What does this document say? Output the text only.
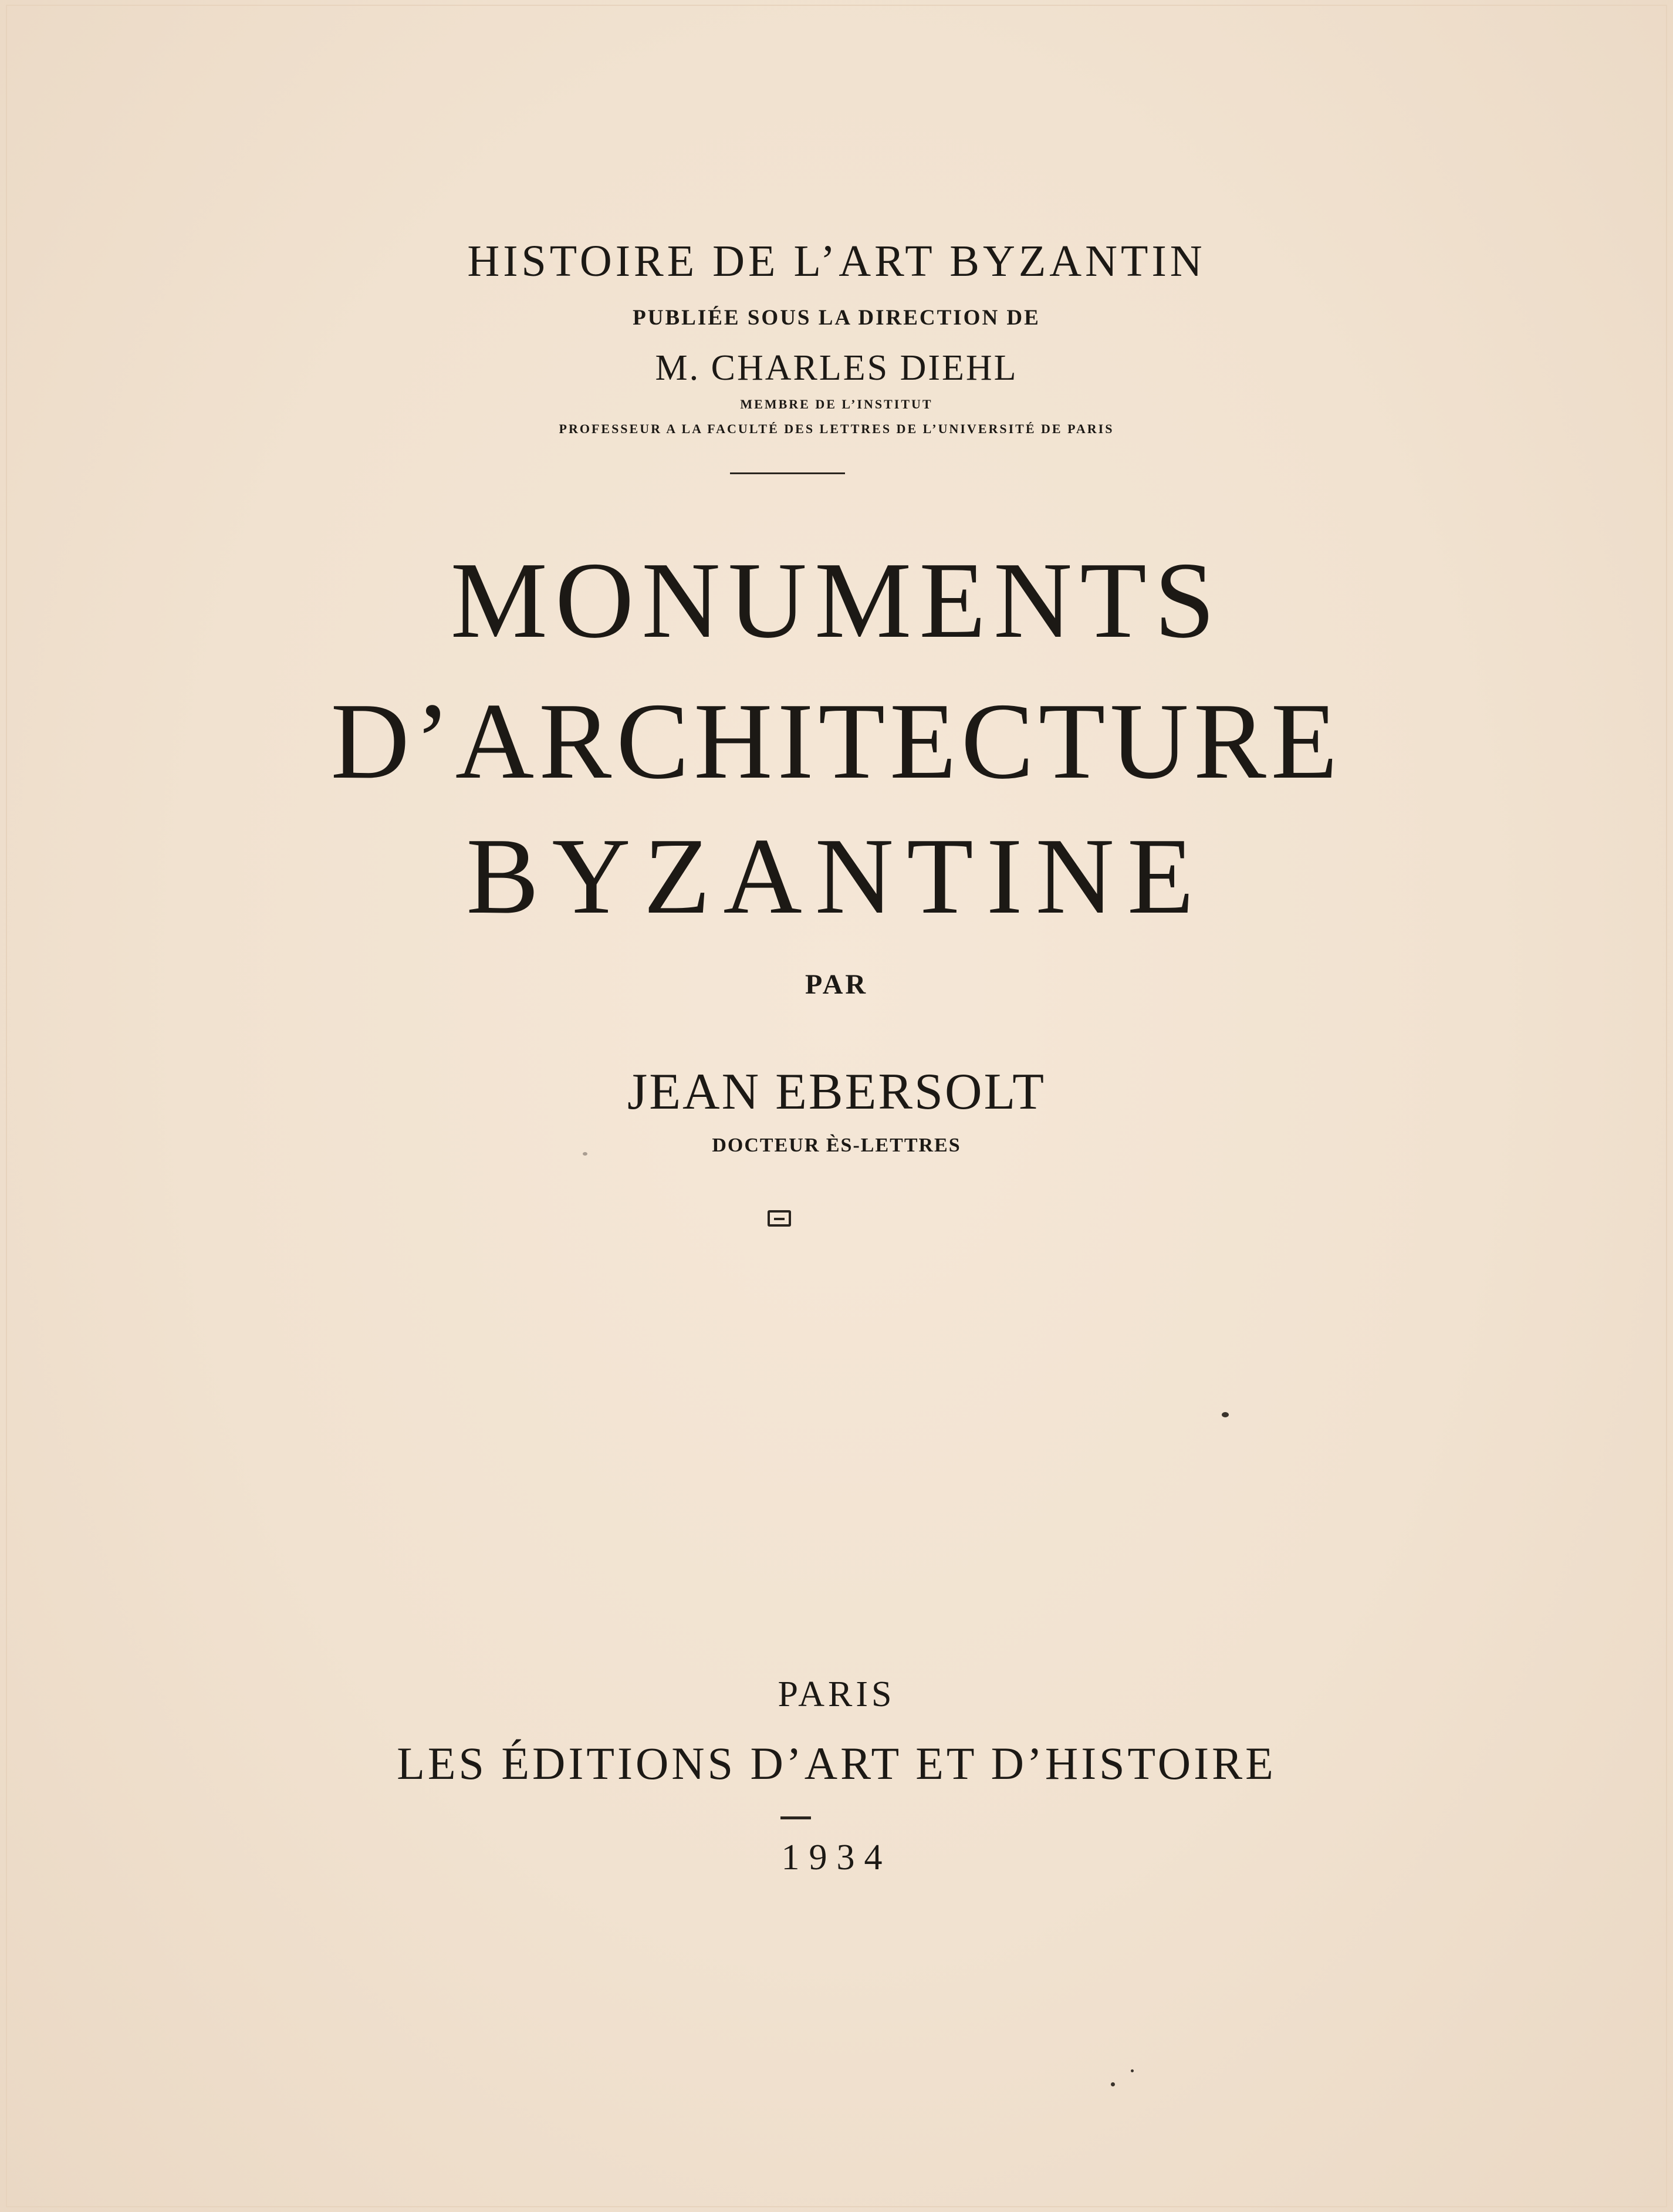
HISTOIRE DE L’ART BYZANTIN

PUBLIÉE SOUS LA DIRECTION DE

M. CHARLES DIEHL

MEMBRE DE L’INSTITUT

PROFESSEUR A LA FACULTÉ DES LETTRES DE L’UNIVERSITÉ DE PARIS

MONUMENTS
D’ARCHITECTURE
BYZANTINE

PAR

JEAN EBERSOLT

DOCTEUR ÈS-LETTRES

PARIS

LES ÉDITIONS D’ART ET D’HISTOIRE

1934
